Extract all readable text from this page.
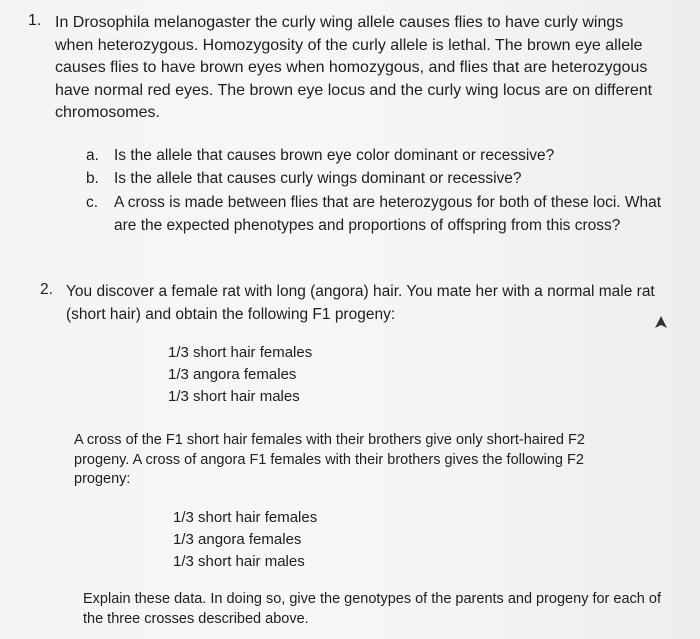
1. In Drosophila melanogaster the curly wing allele causes flies to have curly wings when heterozygous. Homozygosity of the curly allele is lethal. The brown eye allele causes flies to have brown eyes when homozygous, and flies that are heterozygous have normal red eyes. The brown eye locus and the curly wing locus are on different chromosomes.
a. Is the allele that causes brown eye color dominant or recessive?
b. Is the allele that causes curly wings dominant or recessive?
c. A cross is made between flies that are heterozygous for both of these loci. What are the expected phenotypes and proportions of offspring from this cross?
2. You discover a female rat with long (angora) hair. You mate her with a normal male rat (short hair) and obtain the following F1 progeny:
1/3 short hair females
1/3 angora females
1/3 short hair males
A cross of the F1 short hair females with their brothers give only short-haired F2 progeny. A cross of angora F1 females with their brothers gives the following F2 progeny:
1/3 short hair females
1/3 angora females
1/3 short hair males
Explain these data. In doing so, give the genotypes of the parents and progeny for each of the three crosses described above.
